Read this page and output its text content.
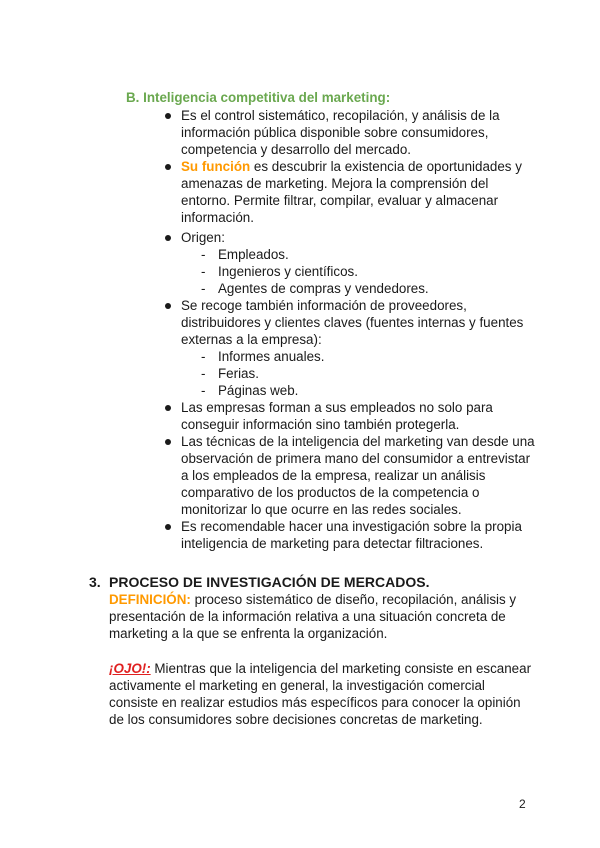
B. Inteligencia competitiva del marketing:
Es el control sistemático, recopilación, y análisis de la
información pública disponible sobre consumidores,
competencia y desarrollo del mercado.
Su función es descubrir la existencia de oportunidades y
amenazas de marketing. Mejora la comprensión del
entorno. Permite filtrar, compilar, evaluar y almacenar
información.
Origen:
- Empleados.
- Ingenieros y científicos.
- Agentes de compras y vendedores.
Se recoge también información de proveedores,
distribuidores y clientes claves (fuentes internas y fuentes
externas a la empresa):
- Informes anuales.
- Ferias.
- Páginas web.
Las empresas forman a sus empleados no solo para
conseguir información sino también protegerla.
Las técnicas de la inteligencia del marketing van desde una
observación de primera mano del consumidor a entrevistar
a los empleados de la empresa, realizar un análisis
comparativo de los productos de la competencia o
monitorizar lo que ocurre en las redes sociales.
Es recomendable hacer una investigación sobre la propia
inteligencia de marketing para detectar filtraciones.
3. PROCESO DE INVESTIGACIÓN DE MERCADOS.
DEFINICIÓN: proceso sistemático de diseño, recopilación, análisis y
presentación de la información relativa a una situación concreta de
marketing a la que se enfrenta la organización.
¡OJO!: Mientras que la inteligencia del marketing consiste en escanear
activamente el marketing en general, la investigación comercial
consiste en realizar estudios más específicos para conocer la opinión
de los consumidores sobre decisiones concretas de marketing.
2
